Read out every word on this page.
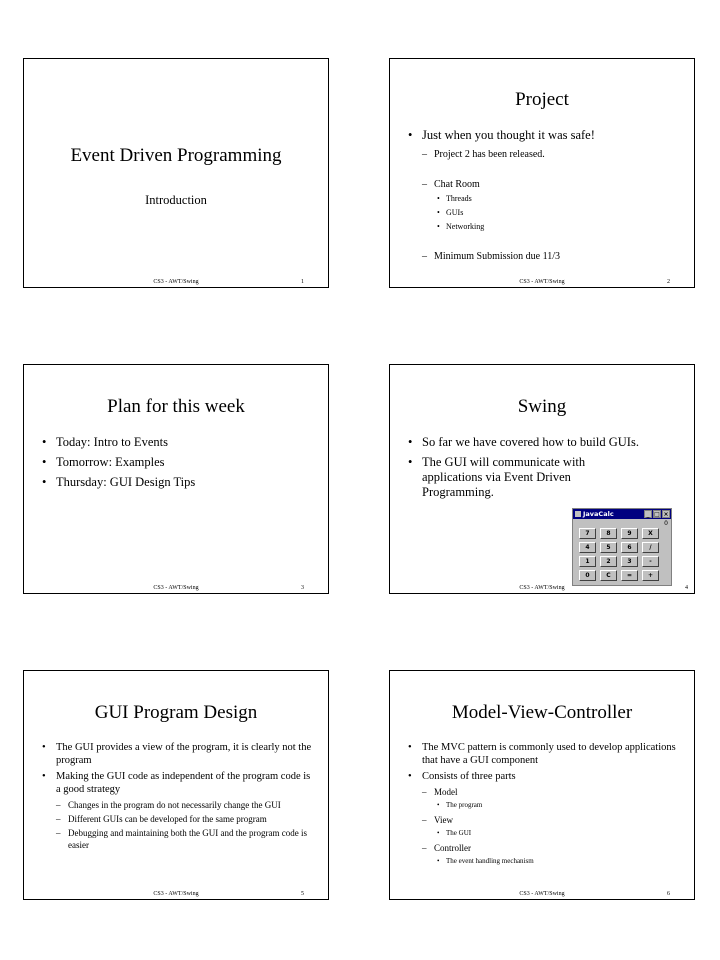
Event Driven Programming
Introduction
CS3 - AWT/Swing	1
Project
• Just when you thought it was safe!
– Project 2 has been released.
– Chat Room
• Threads
• GUIs
• Networking
– Minimum Submission due 11/3
CS3 - AWT/Swing	2
Plan for this week
• Today: Intro to Events
• Tomorrow: Examples
• Thursday: GUI Design Tips
CS3 - AWT/Swing	3
Swing
• So far we have covered how to build GUIs.
• The GUI will communicate with applications via Event Driven Programming.
JavaCalc	_ □ ×
0
7	8	9	X
4	5	6	/
1	2	3	-
0	C	=	+
CS3 - AWT/Swing	4
GUI Program Design
• The GUI provides a view of the program, it is clearly not the program
• Making the GUI code as independent of the program code is a good strategy
– Changes in the program do not necessarily change the GUI
– Different GUIs can be developed for the same program
– Debugging and maintaining both the GUI and the program code is easier
CS3 - AWT/Swing	5
Model-View-Controller
• The MVC pattern is commonly used to develop applications that have a GUI component
• Consists of three parts
– Model
• The program
– View
• The GUI
– Controller
• The event handling mechanism
CS3 - AWT/Swing	6
